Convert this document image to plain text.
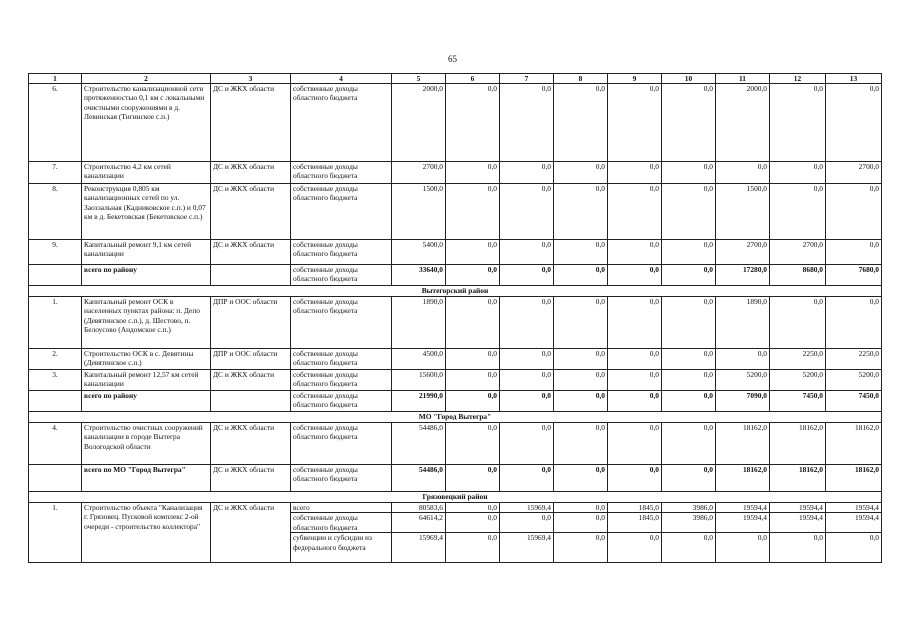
65
1	2	3	4	5	6	7	8	9	10	11	12	13
6.	Строительство канализационной сети протяженностью 0,1 км с локальными очистными сооружениями в д. Левинская (Тигинское с.п.)	ДС и ЖКХ области	собственные доходы областного бюджета	2000,0	0,0	0,0	0,0	0,0	0,0	2000,0	0,0	0,0
7.	Строительство 4,2 км сетей канализации	ДС и ЖКХ области	собственные доходы областного бюджета	2700,0	0,0	0,0	0,0	0,0	0,0	0,0	0,0	2700,0
8.	Реконструкция 0,805 км канализационных сетей по ул. Заозэальная (Кадниковское с.п.) и 0,07 км в д. Бекетовская (Бекетовское с.п.)	ДС и ЖКХ области	собственные доходы областного бюджета	1500,0	0,0	0,0	0,0	0,0	0,0	1500,0	0,0	0,0
9.	Капитальный ремонт 9,1 км сетей канализации	ДС и ЖКХ области	собственные доходы областного бюджета	5400,0	0,0	0,0	0,0	0,0	0,0	2700,0	2700,0	0,0
	всего по району		собственные доходы областного бюджета	33640,0	0,0	0,0	0,0	0,0	0,0	17280,0	8680,0	7680,0
Вытегорский район												
1.	Капитальный ремонт ОСК в населенных пунктах района: п. Депо (Девятинское с.п.), д. Шестово, п. Белоусово (Андомское с.п.)	ДПР и ООС области	собственные доходы областного бюджета	1890,0	0,0	0,0	0,0	0,0	0,0	1890,0	0,0	0,0
2.	Строительство ОСК в с. Девятины (Девятинское с.п.)	ДПР и ООС области	собственные доходы областного бюджета	4500,0	0,0	0,0	0,0	0,0	0,0	0,0	2250,0	2250,0
3.	Капитальный ремонт 12,57 км сетей канализации	ДС и ЖКХ области	собственные доходы областного бюджета	15600,0	0,0	0,0	0,0	0,0	0,0	5200,0	5200,0	5200,0
	всего по району		собственные доходы областного бюджета	21990,0	0,0	0,0	0,0	0,0	0,0	7090,0	7450,0	7450,0
МО "Город Вытегра"												
4.	Строительство очистных сооружений канализации в городе Вытегра Вологодской области	ДС и ЖКХ области	собственные доходы областного бюджета	54486,0	0,0	0,0	0,0	0,0	0,0	18162,0	18162,0	18162,0
	всего по МО "Город Вытегра"	ДС и ЖКХ области	собственные доходы областного бюджета	54486,0	0,0	0,0	0,0	0,0	0,0	18162,0	18162,0	18162,0
Грязовецкий район												
1.	Строительство объекта "Канализация г. Грязовец. Пусковой комплекс 2-ой очереди - строительство коллектора"	ДС и ЖКХ области	всего	80583,6	0,0	15969,4	0,0	1845,0	3986,0	19594,4	19594,4	19594,4
			собственные доходы областного бюджета	64614,2	0,0	0,0	0,0	1845,0	3986,0	19594,4	19594,4	19594,4
			субвенции и субсидии из федерального бюджета	15969,4	0,0	15969,4	0,0	0,0	0,0	0,0	0,0	0,0
